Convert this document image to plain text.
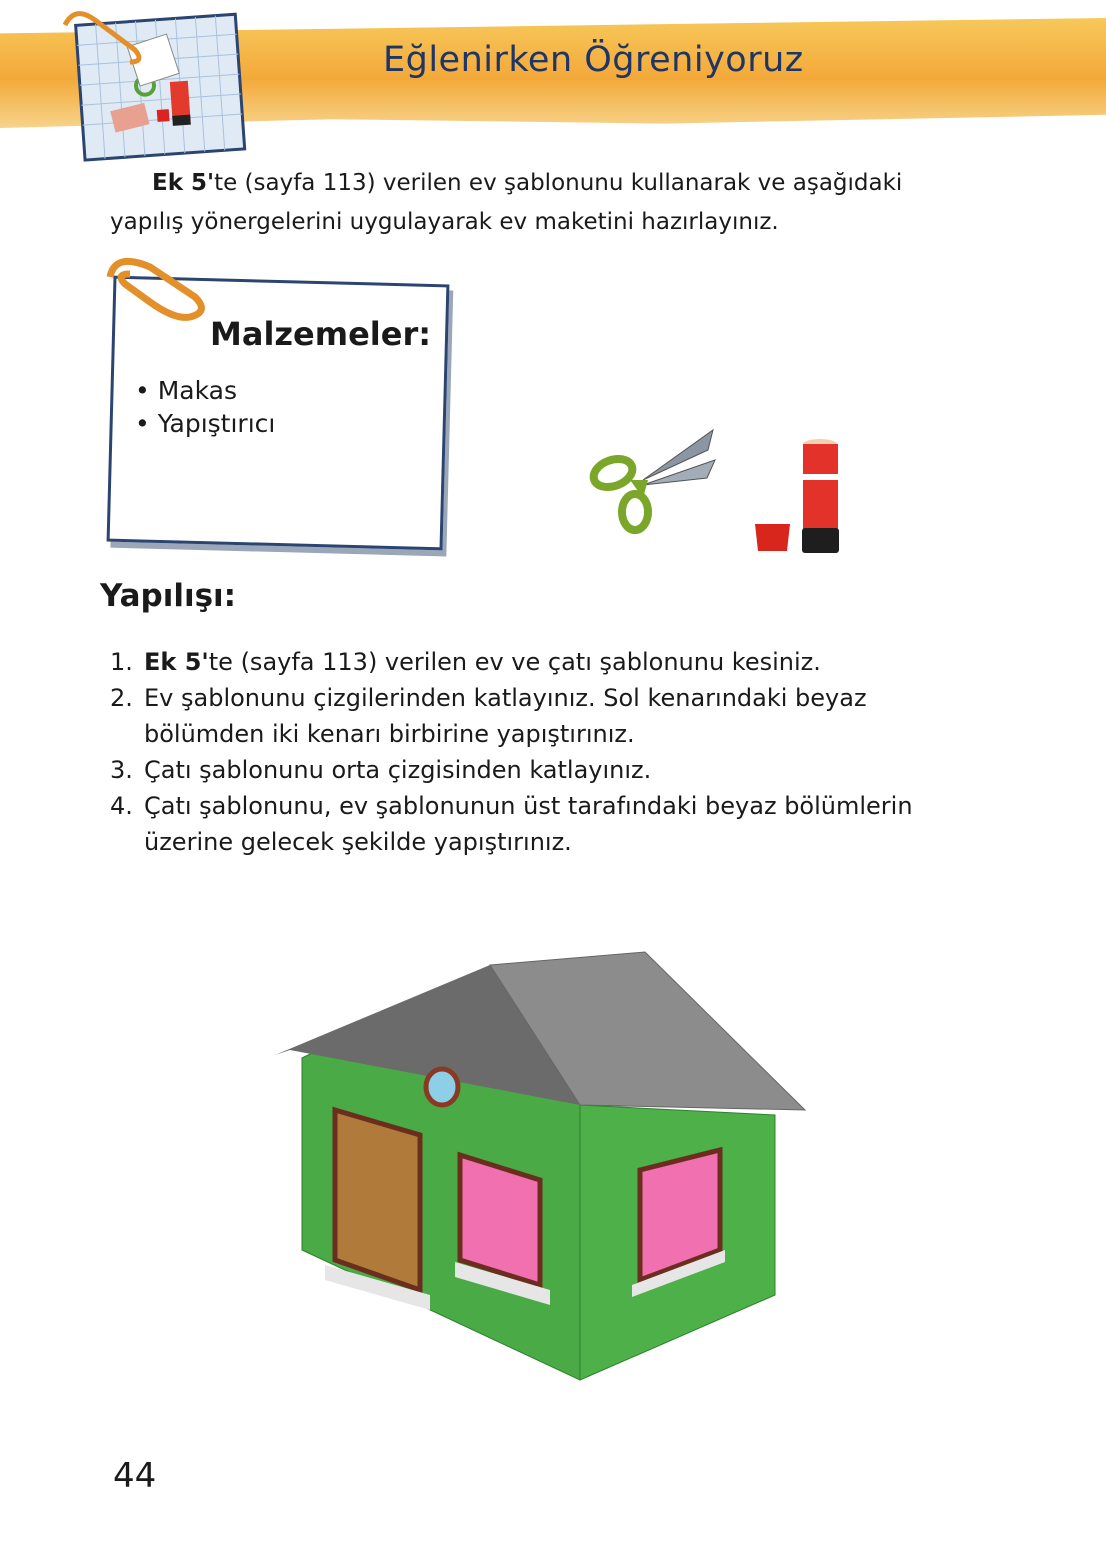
Eğlenirken Öğreniyoruz
Ek 5'te (sayfa 113) verilen ev şablonunu kullanarak ve aşağıdaki yapılış yönergelerini uygulayarak ev maketini hazırlayınız.
Malzemeler:
• Makas
• Yapıştırıcı
Yapılışı:
1. Ek 5'te (sayfa 113) verilen ev ve çatı şablonunu kesiniz.
2. Ev şablonunu çizgilerinden katlayınız. Sol kenarındaki beyaz bölümden iki kenarı birbirine yapıştırınız.
3. Çatı şablonunu orta çizgisinden katlayınız.
4. Çatı şablonunu, ev şablonunun üst tarafındaki beyaz bölümlerin üzerine gelecek şekilde yapıştırınız.
44
